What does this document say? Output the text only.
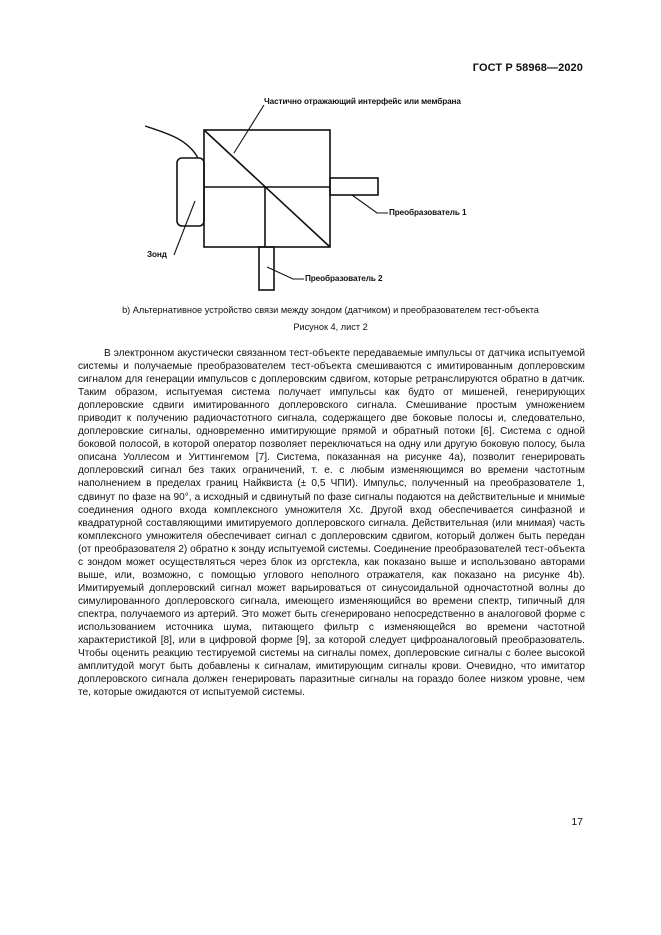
ГОСТ Р 58968—2020
Частично отражающий интерфейс или мембрана
Преобразователь 1
Зонд
Преобразователь 2
b) Альтернативное устройство связи между зондом (датчиком) и преобразователем тест-объекта
Рисунок 4, лист 2

В электронном акустически связанном тест-объекте передаваемые импульсы от датчика испытуемой системы и получаемые преобразователем тест-объекта смешиваются с имитированным доплеровским сигналом для генерации импульсов с доплеровским сдвигом, которые ретранслируются обратно в датчик. Таким образом, испытуемая система получает импульсы как будто от мишеней, генерирующих доплеровские сдвиги имитированного доплеровского сигнала. Смешивание простым умножением приводит к получению радиочастотного сигнала, содержащего две боковые полосы и, следовательно, доплеровские сигналы, одновременно имитирующие прямой и обратный потоки [6]. Система с одной боковой полосой, в которой оператор позволяет переключаться на одну или другую боковую полосу, была описана Уоллесом и Уиттингемом [7]. Система, показанная на рисунке 4a), позволит генерировать доплеровский сигнал без таких ограничений, т. е. с любым изменяющимся во времени частотным наполнением в пределах границ Найквиста (± 0,5 ЧПИ). Импульс, полученный на преобразователе 1, сдвинут по фазе на 90°, а исходный и сдвинутый по фазе сигналы подаются на действительные и мнимые соединения одного входа комплексного умножителя Хс. Другой вход обеспечивается синфазной и квадратурной составляющими имитируемого доплеровского сигнала. Действительная (или мнимая) часть комплексного умножителя обеспечивает сигнал с доплеровским сдвигом, который должен быть передан (от преобразователя 2) обратно к зонду испытуемой системы. Соединение преобразователей тест-объекта с зондом может осуществляться через блок из оргстекла, как показано выше и использовано авторами выше, или, возможно, с помощью углового неполного отражателя, как показано на рисунке 4b). Имитируемый доплеровский сигнал может варьироваться от синусоидальной одночастотной волны до симулированного доплеровского сигнала, имеющего изменяющийся во времени спектр, типичный для спектра, получаемого из артерий. Это может быть сгенерировано непосредственно в аналоговой форме с использованием источника шума, питающего фильтр с изменяющейся во времени частотной характеристикой [8], или в цифровой форме [9], за которой следует цифроаналоговый преобразователь. Чтобы оценить реакцию тестируемой системы на сигналы помех, доплеровские сигналы с более высокой амплитудой могут быть добавлены к сигналам, имитирующим сигналы крови. Очевидно, что имитатор доплеровского сигнала должен генерировать паразитные сигналы на гораздо более низком уровне, чем те, которые ожидаются от испытуемой системы.

17
